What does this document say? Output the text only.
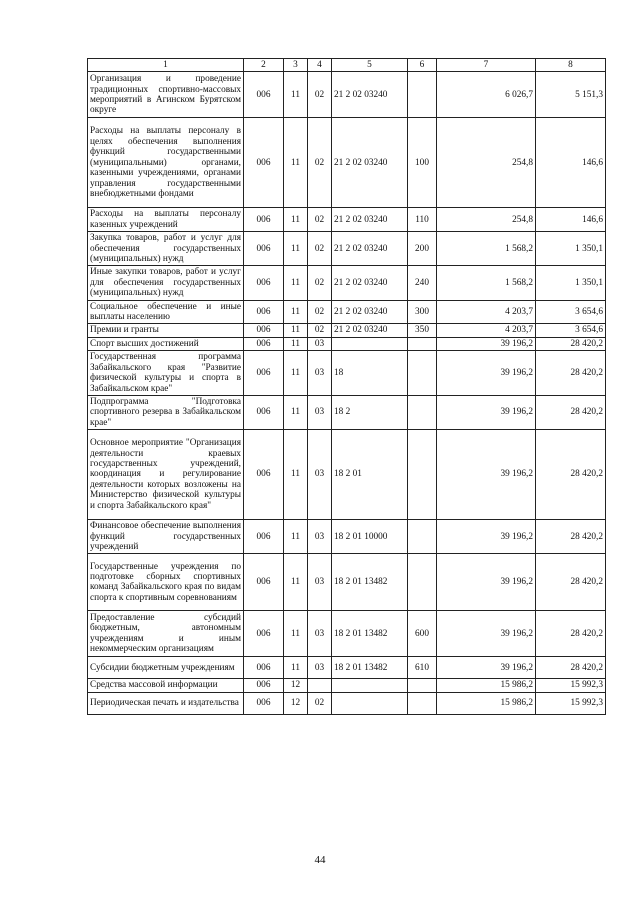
1	2	3	4	5	6	7	8
Организация и проведение традиционных спортивно-массовых мероприятий в Агинском Бурятском округе	006	11	02	21 2 02 03240		6 026,7	5 151,3
Расходы на выплаты персоналу в целях обеспечения выполнения функций государственными (муниципальными) органами, казенными учреждениями, органами управления государственными внебюджетными фондами	006	11	02	21 2 02 03240	100	254,8	146,6
Расходы на выплаты персоналу казенных учреждений	006	11	02	21 2 02 03240	110	254,8	146,6
Закупка товаров, работ и услуг для обеспечения государственных (муниципальных) нужд	006	11	02	21 2 02 03240	200	1 568,2	1 350,1
Иные закупки товаров, работ и услуг для обеспечения государственных (муниципальных) нужд	006	11	02	21 2 02 03240	240	1 568,2	1 350,1
Социальное обеспечение и иные выплаты населению	006	11	02	21 2 02 03240	300	4 203,7	3 654,6
Премии и гранты	006	11	02	21 2 02 03240	350	4 203,7	3 654,6
Спорт высших достижений	006	11	03			39 196,2	28 420,2
Государственная программа Забайкальского края "Развитие физической культуры и спорта в Забайкальском крае"	006	11	03	18		39 196,2	28 420,2
Подпрограмма "Подготовка спортивного резерва в Забайкальском крае"	006	11	03	18 2		39 196,2	28 420,2
Основное мероприятие "Организация деятельности краевых государственных учреждений, координация и регулирование деятельности которых возложены на Министерство физической культуры и спорта Забайкальского края"	006	11	03	18 2 01		39 196,2	28 420,2
Финансовое обеспечение выполнения функций государственных учреждений	006	11	03	18 2 01 10000		39 196,2	28 420,2
Государственные учреждения по подготовке сборных спортивных команд Забайкальского края по видам спорта к спортивным соревнованиям	006	11	03	18 2 01 13482		39 196,2	28 420,2
Предоставление субсидий бюджетным, автономным учреждениям и иным некоммерческим организациям	006	11	03	18 2 01 13482	600	39 196,2	28 420,2
Субсидии бюджетным учреждениям	006	11	03	18 2 01 13482	610	39 196,2	28 420,2
Средства массовой информации	006	12				15 986,2	15 992,3
Периодическая печать и издательства	006	12	02			15 986,2	15 992,3
44
